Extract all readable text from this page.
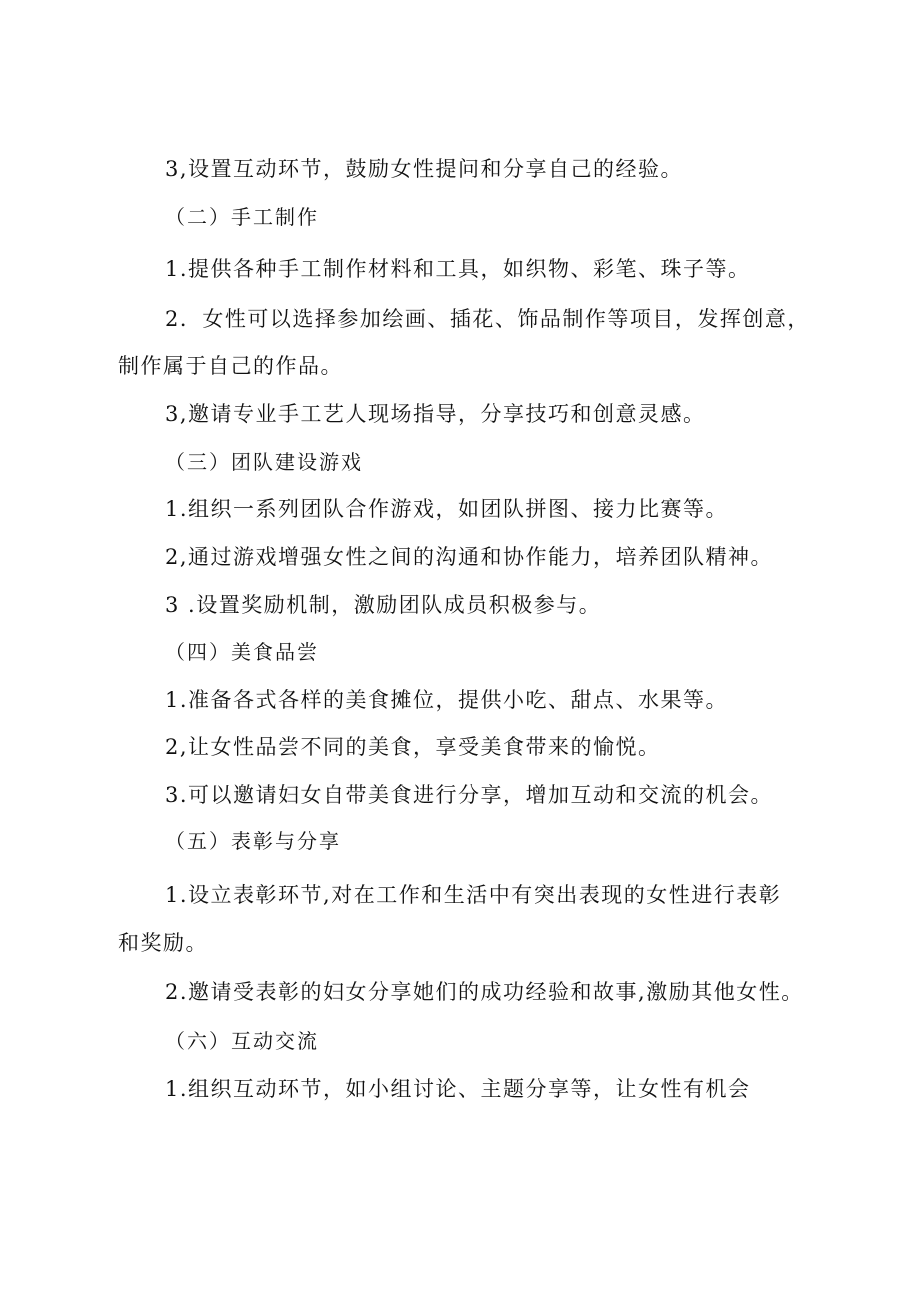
3,设置互动环节，鼓励女性提问和分享自己的经验。
（二）手工制作
1.提供各种手工制作材料和工具，如织物、彩笔、珠子等。
2．女性可以选择参加绘画、插花、饰品制作等项目，发挥创意，
制作属于自己的作品。
3,邀请专业手工艺人现场指导，分享技巧和创意灵感。
（三）团队建设游戏
1.组织一系列团队合作游戏，如团队拼图、接力比赛等。
2,通过游戏增强女性之间的沟通和协作能力，培养团队精神。
3 .设置奖励机制，激励团队成员积极参与。
（四）美食品尝
1.准备各式各样的美食摊位，提供小吃、甜点、水果等。
2,让女性品尝不同的美食，享受美食带来的愉悦。
3.可以邀请妇女自带美食进行分享，增加互动和交流的机会。
（五）表彰与分享
1.设立表彰环节,对在工作和生活中有突出表现的女性进行表彰
和奖励。
2.邀请受表彰的妇女分享她们的成功经验和故事,激励其他女性。
（六）互动交流
1.组织互动环节，如小组讨论、主题分享等，让女性有机会
